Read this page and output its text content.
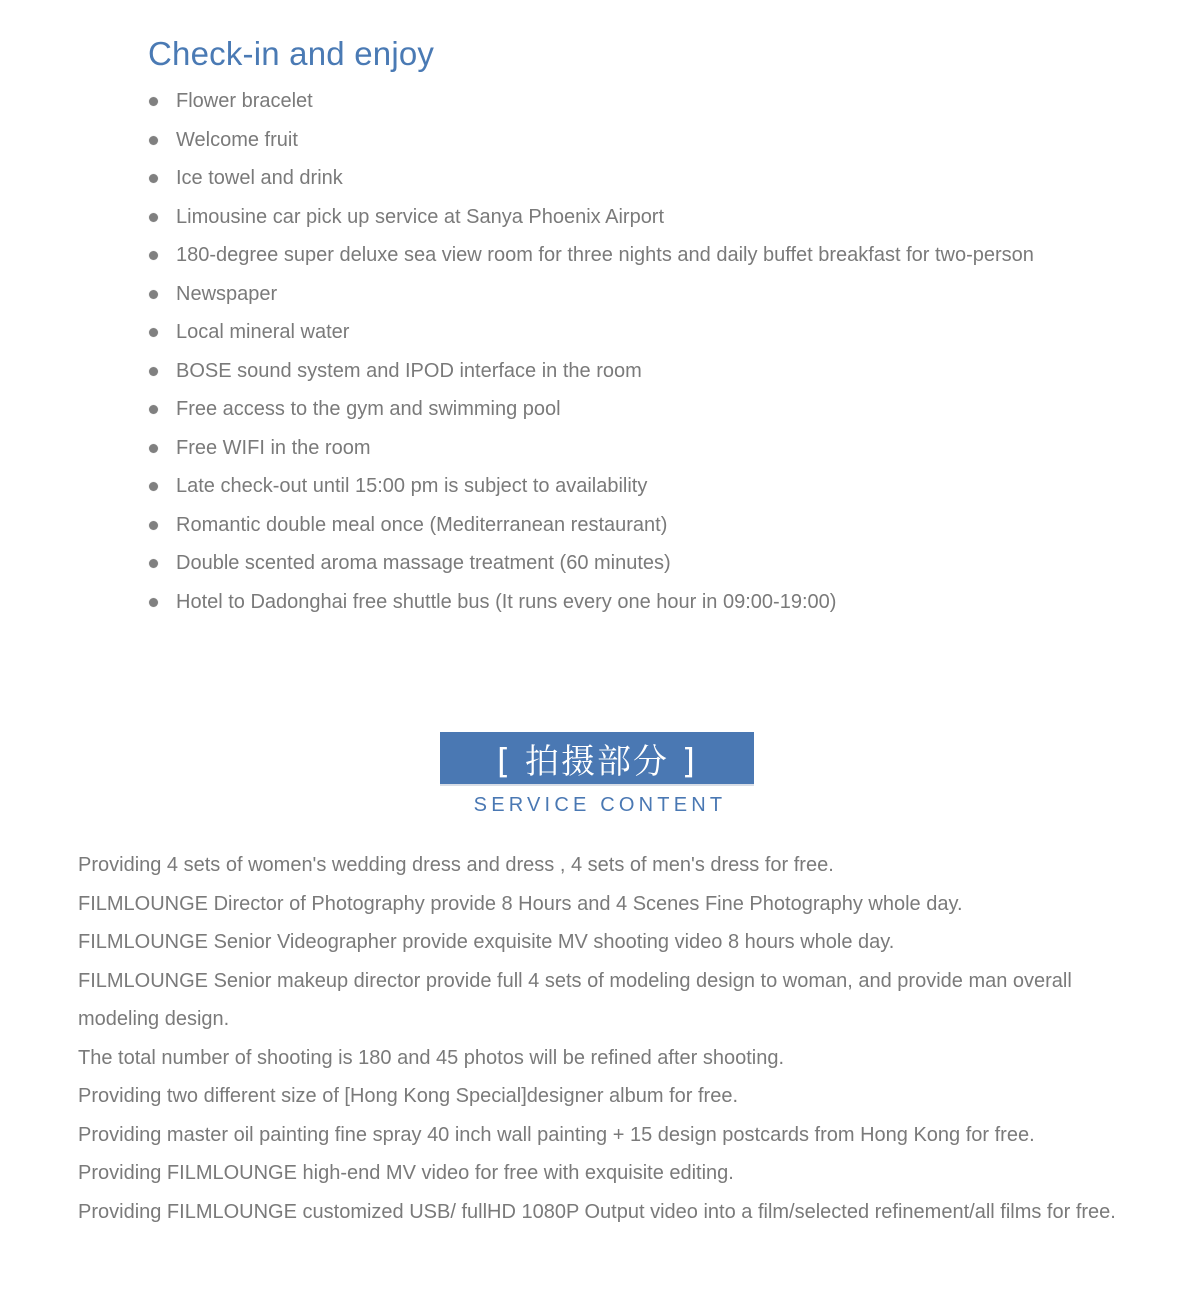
Check-in and enjoy
Flower bracelet
Welcome fruit
Ice towel and drink
Limousine car pick up service at Sanya Phoenix Airport
180-degree super deluxe sea view room for three nights and daily buffet breakfast for two-person
Newspaper
Local mineral water
BOSE sound system and IPOD interface in the room
Free access to the gym and swimming pool
Free WIFI in the room
Late check-out until 15:00 pm is subject to availability
Romantic double meal once (Mediterranean restaurant)
Double scented aroma massage treatment (60 minutes)
Hotel to Dadonghai free shuttle bus (It runs every one hour in 09:00-19:00)
[ 拍摄部分 ]
SERVICE CONTENT

Providing 4 sets of women's wedding dress and dress , 4 sets of men's dress for free.

FILMLOUNGE Director of Photography provide 8 Hours and 4 Scenes Fine Photography whole day.

FILMLOUNGE Senior Videographer provide exquisite MV shooting video 8 hours whole day.

FILMLOUNGE Senior makeup director provide full 4 sets of modeling design to woman, and provide man overall modeling design.

The total number of shooting is 180 and 45 photos will be refined after shooting.

Providing two different size of [Hong Kong Special]designer album for free.

Providing master oil painting fine spray 40 inch wall painting + 15 design postcards from Hong Kong for free.

Providing FILMLOUNGE high-end MV video for free with exquisite editing.

Providing FILMLOUNGE customized USB/ fullHD 1080P Output video into a film/selected refinement/all films for free.
